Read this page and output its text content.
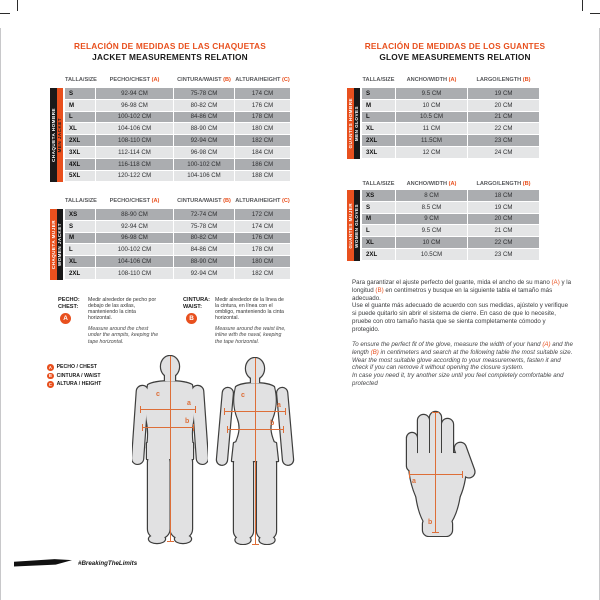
RELACIÓN DE MEDIDAS DE LAS CHAQUETAS
JACKET MEASUREMENTS RELATION
TALLA/SIZE	PECHO/CHEST (A)	CINTURA/WAIST (B) ALTURA/HEIGHT (C)
CHAQUETA HOMBRE MEN JACKET
S	92-94 CM	75-78 CM	174 CM
M	96-98 CM	80-82 CM	176 CM
L	100-102 CM	84-86 CM	178 CM
XL	104-106 CM	88-90 CM	180 CM
2XL	108-110 CM	92-94 CM	182 CM
3XL	112-114 CM	96-98 CM	184 CM
4XL	116-118 CM	100-102 CM	186 CM
5XL	120-122 CM	104-106 CM	188 CM
TALLA/SIZE	PECHO/CHEST (A)	CINTURA/WAIST (B) ALTURA/HEIGHT (C)
CHAQUETA MUJER WOMEN JACKET
XS	88-90 CM	72-74 CM	172 CM
S	92-94 CM	75-78 CM	174 CM
M	96-98 CM	80-82 CM	176 CM
L	100-102 CM	84-86 CM	178 CM
XL	104-106 CM	88-90 CM	180 CM
2XL	108-110 CM	92-94 CM	182 CM
PECHO:
CHEST:
A
Medir alrededor de pecho por debajo de las axilas, manteniendo la cinta horizontal.
Measure around the chest under the armpits, keeping the tape horizontal.
CINTURA:
WAIST:
B
Medir alrededor de la línea de la cintura, en línea con el ombligo, manteniendo la cinta horizontal.
Measure around the waist line, inline with the naval, keeping the tape horizontal.
A PECHO / CHEST
B CINTURA / WAIST
C ALTURA / HEIGHT
c
a
b
c
a
b
RELACIÓN DE MEDIDAS DE LOS GUANTES
GLOVE MEASUREMENTS RELATION
TALLA/SIZE	ANCHO/WIDTH (A)	LARGO/LENGTH (B)
GUANTES HOMBRE MEN GLOVES
S	9.5 CM	19 CM
M	10 CM	20 CM
L	10.5 CM	21 CM
XL	11 CM	22 CM
2XL	11.5CM	23 CM
3XL	12 CM	24 CM
TALLA/SIZE	ANCHO/WIDTH (A)	LARGO/LENGTH (B)
GUANTES MUJER WOMEN GLOVES
XS	8 CM	18 CM
S	8.5 CM	19 CM
M	9 CM	20 CM
L	9.5 CM	21 CM
XL	10 CM	22 CM
2XL	10.5CM	23 CM

Para garantizar el ajuste perfecto del guante, mida el ancho de su mano (A) y la longitud (B) en centímetros y busque en la siguiente tabla el tamaño más adecuado.

Use el guante más adecuado de acuerdo con sus medidas, ajústelo y verifique si puede quitarlo sin abrir el sistema de cierre. En caso de que lo necesite, pruebe con otro tamaño hasta que se sienta completamente cómodo y protegido.

To ensure the perfect fit of the glove, measure the width of your hand (A) and the length (B) in centimeters and search at the following table the most suitable size. Wear the most suitable glove according to your measurements, fasten it and check if you can remove it without opening the closure system.

In case you need it, try another size until you feel completely comfortable and protected

a
b
#BreakingTheLimits
